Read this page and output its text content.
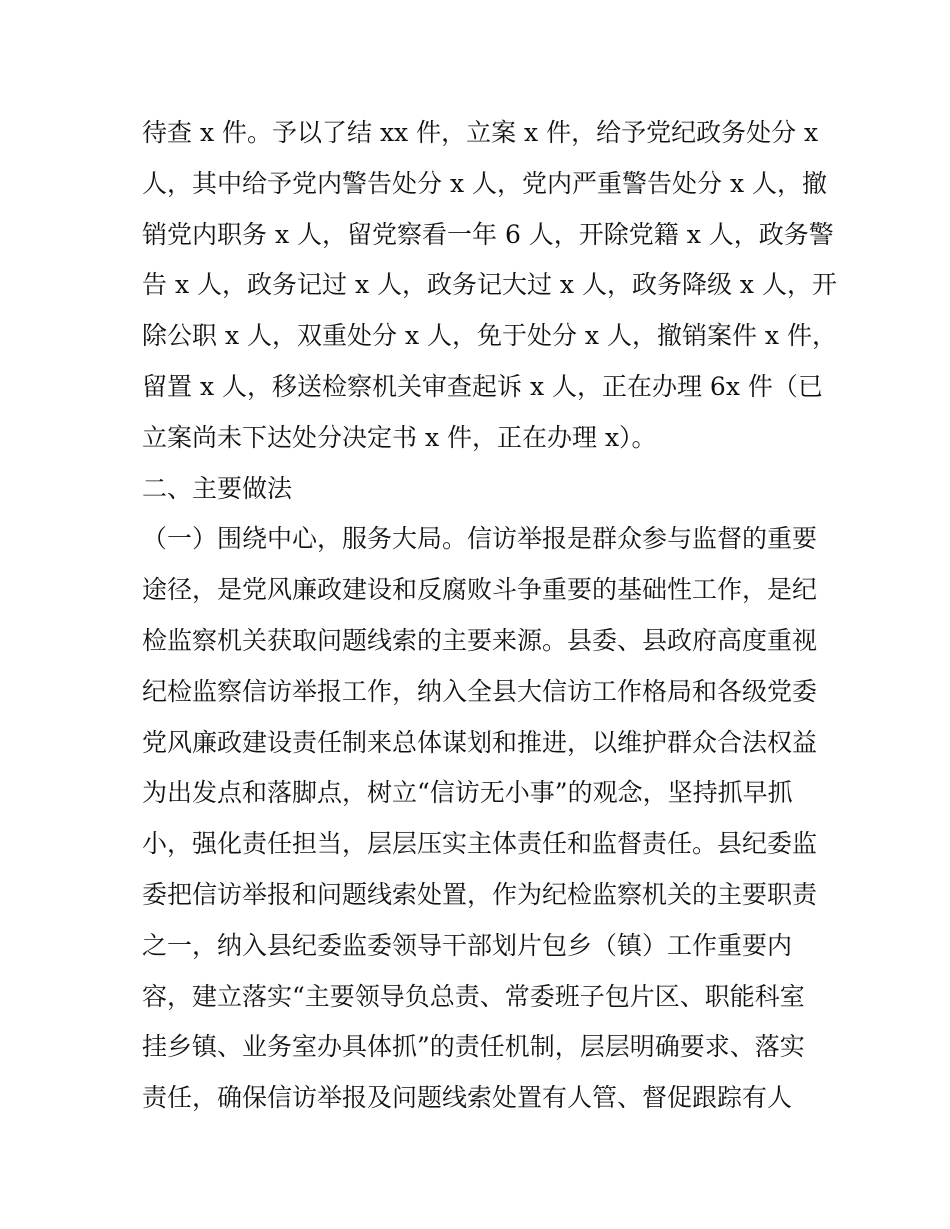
待查 x 件。予以了结 xx 件，立案 x 件，给予党纪政务处分 x
人，其中给予党内警告处分 x 人，党内严重警告处分 x 人，撤
销党内职务 x 人，留党察看一年 6 人，开除党籍 x 人，政务警
告 x 人，政务记过 x 人，政务记大过 x 人，政务降级 x 人，开
除公职 x 人，双重处分 x 人，免于处分 x 人，撤销案件 x 件，
留置 x 人，移送检察机关审查起诉 x 人，正在办理 6x 件（已
立案尚未下达处分决定书 x 件，正在办理 x）。
二、主要做法
（一）围绕中心，服务大局。信访举报是群众参与监督的重要
途径，是党风廉政建设和反腐败斗争重要的基础性工作，是纪
检监察机关获取问题线索的主要来源。县委、县政府高度重视
纪检监察信访举报工作，纳入全县大信访工作格局和各级党委
党风廉政建设责任制来总体谋划和推进，以维护群众合法权益
为出发点和落脚点，树立“信访无小事”的观念，坚持抓早抓
小，强化责任担当，层层压实主体责任和监督责任。县纪委监
委把信访举报和问题线索处置，作为纪检监察机关的主要职责
之一，纳入县纪委监委领导干部划片包乡（镇）工作重要内
容，建立落实“主要领导负总责、常委班子包片区、职能科室
挂乡镇、业务室办具体抓”的责任机制，层层明确要求、落实
责任，确保信访举报及问题线索处置有人管、督促跟踪有人
